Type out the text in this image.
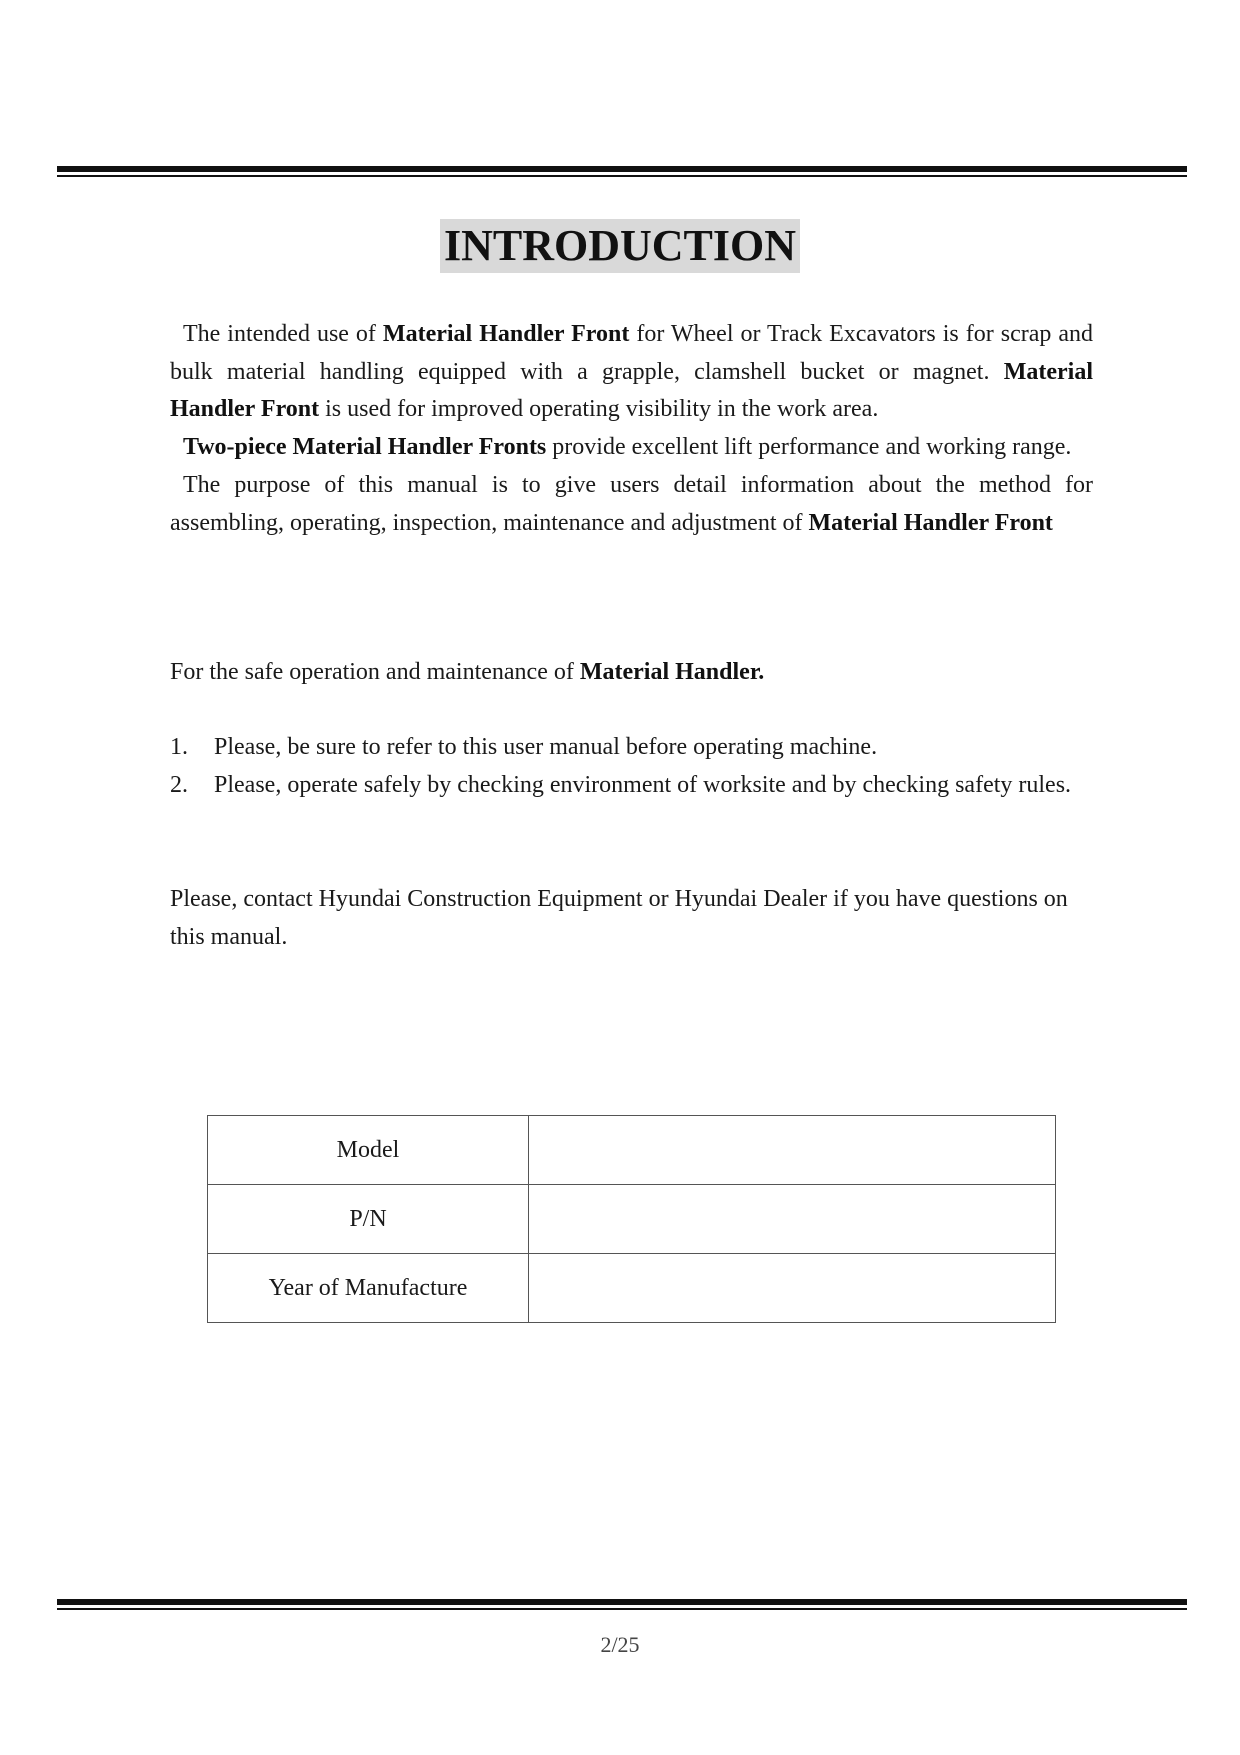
INTRODUCTION

The intended use of Material Handler Front for Wheel or Track Excavators is for scrap and bulk material handling equipped with a grapple, clamshell bucket or magnet. Material Handler Front is used for improved operating visibility in the work area.

Two-piece Material Handler Fronts provide excellent lift performance and working range.

The purpose of this manual is to give users detail information about the method for assembling, operating, inspection, maintenance and adjustment of Material Handler Front

For the safe operation and maintenance of Material Handler.

1. Please, be sure to refer to this user manual before operating machine.
2. Please, operate safely by checking environment of worksite and by checking safety rules.

Please, contact Hyundai Construction Equipment or Hyundai Dealer if you have questions on this manual.

Model	
P/N	
Year of Manufacture	
2/25
